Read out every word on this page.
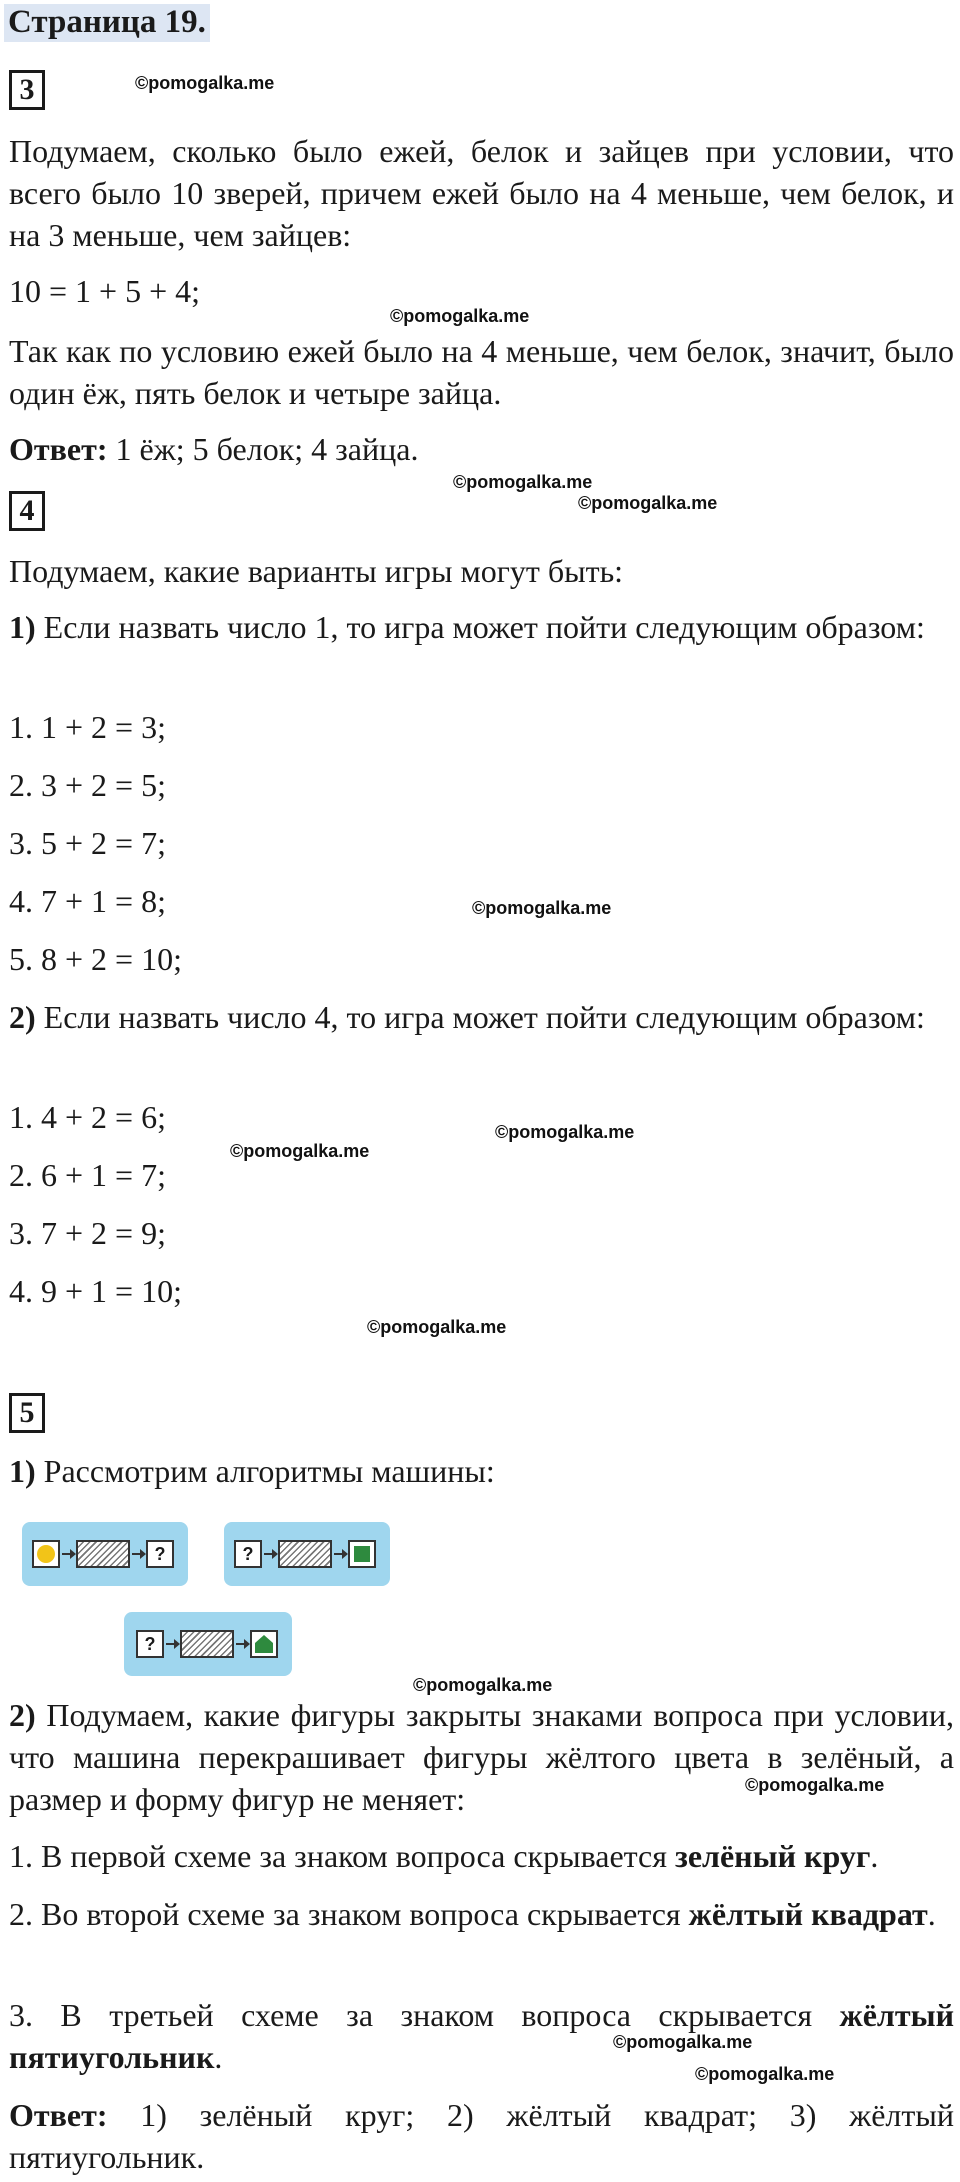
Страница 19.
3	©pomogalka.me
Подумаем, сколько было ежей, белок и зайцев при условии, что всего было 10 зверей, причем ежей было на 4 меньше, чем белок, и на 3 меньше, чем зайцев:
10 = 1 + 5 + 4;
©pomogalka.me
Так как по условию ежей было на 4 меньше, чем белок, значит, было один ёж, пять белок и четыре зайца.
Ответ: 1 ёж; 5 белок; 4 зайца.
©pomogalka.me
4	©pomogalka.me
Подумаем, какие варианты игры могут быть:
1) Если назвать число 1, то игра может пойти следующим образом:
1. 1 + 2 = 3;
2. 3 + 2 = 5;
3. 5 + 2 = 7;
4. 7 + 1 = 8;	©pomogalka.me
5. 8 + 2 = 10;
2) Если назвать число 4, то игра может пойти следующим образом:
1. 4 + 2 = 6;	©pomogalka.me
©pomogalka.me
2. 6 + 1 = 7;
3. 7 + 2 = 9;
4. 9 + 1 = 10;
©pomogalka.me
5
1) Рассмотрим алгоритмы машины:
?	?
?
©pomogalka.me
2) Подумаем, какие фигуры закрыты знаками вопроса при условии, что машина перекрашивает фигуры жёлтого цвета в зелёный, а размер и форму фигур не меняет:	©pomogalka.me
1. В первой схеме за знаком вопроса скрывается зелёный круг.
2. Во второй схеме за знаком вопроса скрывается жёлтый квадрат.
3. В третьей схеме за знаком вопроса скрывается жёлтый пятиугольник.	©pomogalka.me
©pomogalka.me
Ответ: 1) зелёный круг; 2) жёлтый квадрат; 3) жёлтый пятиугольник.
